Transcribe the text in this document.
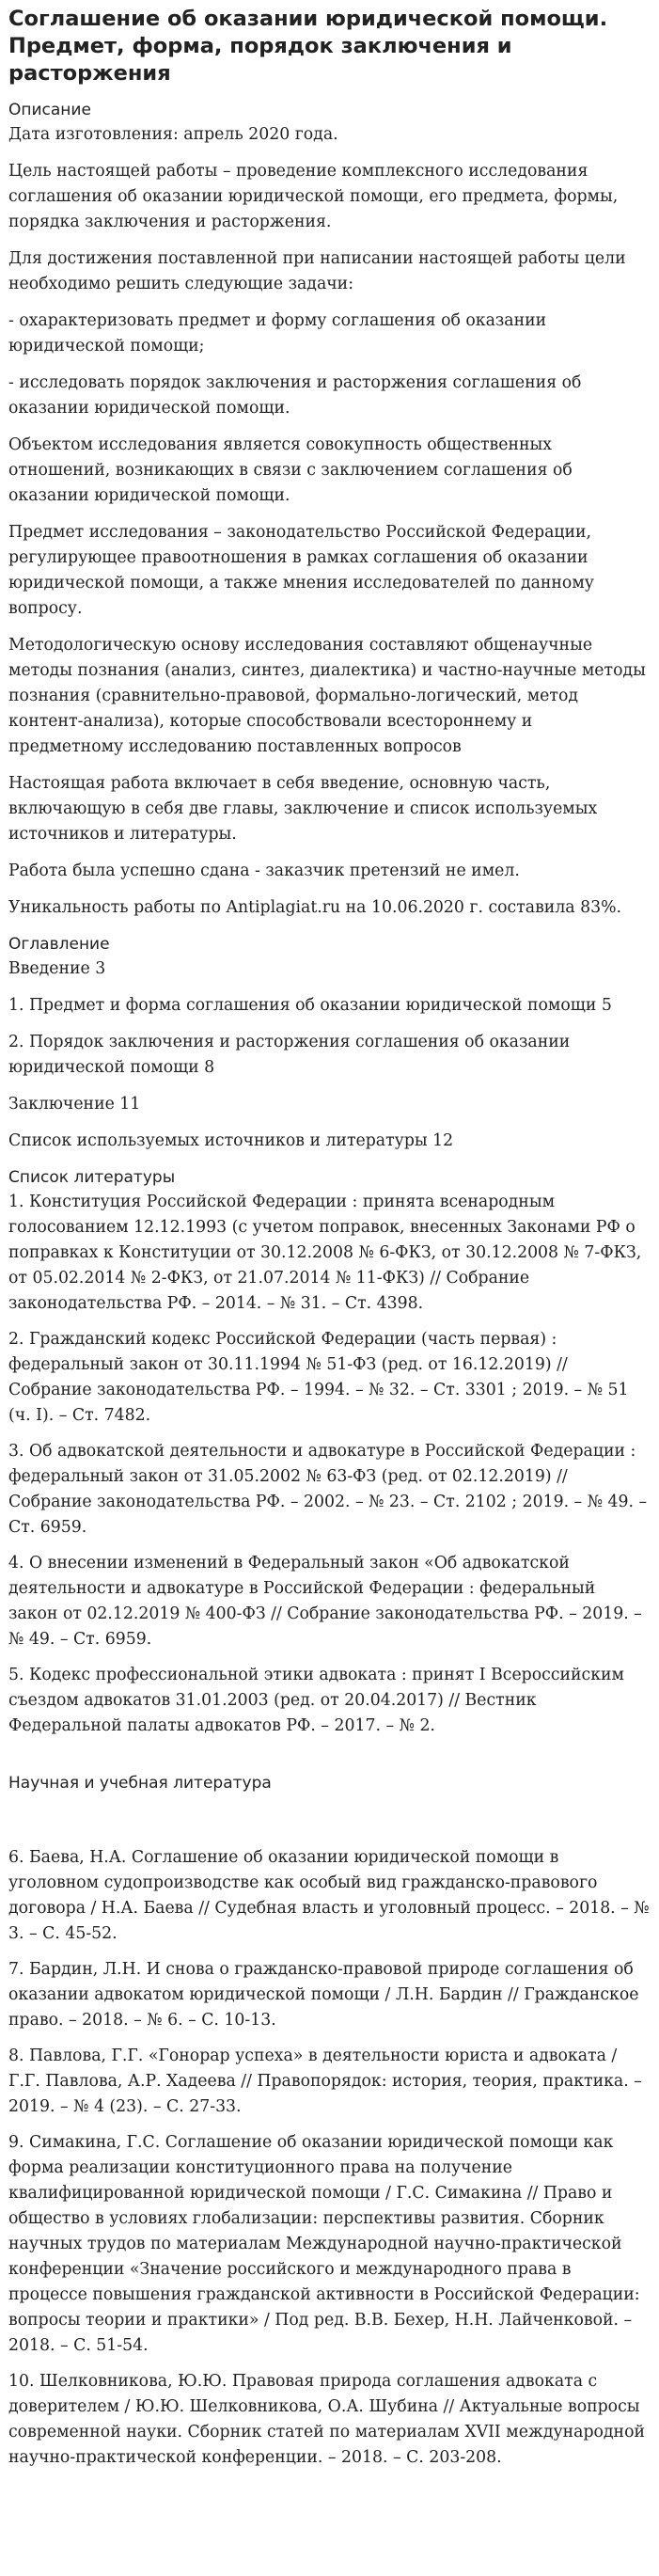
Соглашение об оказании юридической помощи. Предмет, форма, порядок заключения и расторжения
Описание

Дата изготовления: апрель 2020 года.

Цель настоящей работы – проведение комплексного исследования соглашения об оказании юридической помощи, его предмета, формы, порядка заключения и расторжения.

Для достижения поставленной при написании настоящей работы цели необходимо решить следующие задачи:

- охарактеризовать предмет и форму соглашения об оказании юридической помощи;

- исследовать порядок заключения и расторжения соглашения об оказании юридической помощи.

Объектом исследования является совокупность общественных отношений, возникающих в связи с заключением соглашения об оказании юридической помощи.

Предмет исследования – законодательство Российской Федерации, регулирующее правоотношения в рамках соглашения об оказании юридической помощи, а также мнения исследователей по данному вопросу.

Методологическую основу исследования составляют общенаучные методы познания (анализ, синтез, диалектика) и частно-научные методы познания (сравнительно-правовой, формально-логический, метод контент-анализа), которые способствовали всестороннему и предметному исследованию поставленных вопросов

Настоящая работа включает в себя введение, основную часть, включающую в себя две главы, заключение и список используемых источников и литературы.

Работа была успешно сдана - заказчик претензий не имел.

Уникальность работы по Antiplagiat.ru на 10.06.2020 г. составила 83%.

Оглавление

Введение 3

1. Предмет и форма соглашения об оказании юридической помощи 5

2. Порядок заключения и расторжения соглашения об оказании юридической помощи 8

Заключение 11

Список используемых источников и литературы 12

Список литературы

1. Конституция Российской Федерации : принята всенародным голосованием 12.12.1993 (с учетом поправок, внесенных Законами РФ о поправках к Конституции от 30.12.2008 № 6-ФКЗ, от 30.12.2008 № 7-ФКЗ, от 05.02.2014 № 2-ФКЗ, от 21.07.2014 № 11-ФКЗ) // Собрание законодательства РФ. – 2014. – № 31. – Ст. 4398.

2. Гражданский кодекс Российской Федерации (часть первая) : федеральный закон от 30.11.1994 № 51-ФЗ (ред. от 16.12.2019) // Собрание законодательства РФ. – 1994. – № 32. – Ст. 3301 ; 2019. – № 51 (ч. I). – Ст. 7482.

3. Об адвокатской деятельности и адвокатуре в Российской Федерации : федеральный закон от 31.05.2002 № 63-ФЗ (ред. от 02.12.2019) // Собрание законодательства РФ. – 2002. – № 23. – Ст. 2102 ; 2019. – № 49. – Ст. 6959.

4. О внесении изменений в Федеральный закон «Об адвокатской деятельности и адвокатуре в Российской Федерации : федеральный закон от 02.12.2019 № 400-ФЗ // Собрание законодательства РФ. – 2019. – № 49. – Ст. 6959.

5. Кодекс профессиональной этики адвоката : принят I Всероссийским съездом адвокатов 31.01.2003 (ред. от 20.04.2017) // Вестник Федеральной палаты адвокатов РФ. – 2017. – № 2.

Научная и учебная литература

6. Баева, Н.А. Соглашение об оказании юридической помощи в уголовном судопроизводстве как особый вид гражданско-правового договора / Н.А. Баева // Судебная власть и уголовный процесс. – 2018. – № 3. – С. 45-52.

7. Бардин, Л.Н. И снова о гражданско-правовой природе соглашения об оказании адвокатом юридической помощи / Л.Н. Бардин // Гражданское право. – 2018. – № 6. – С. 10-13.

8. Павлова, Г.Г. «Гонорар успеха» в деятельности юриста и адвоката / Г.Г. Павлова, А.Р. Хадеева // Правопорядок: история, теория, практика. – 2019. – № 4 (23). – С. 27-33.

9. Симакина, Г.С. Соглашение об оказании юридической помощи как форма реализации конституционного права на получение квалифицированной юридической помощи / Г.С. Симакина // Право и общество в условиях глобализации: перспективы развития. Сборник научных трудов по материалам Международной научно-практической конференции «Значение российского и международного права в процессе повышения гражданской активности в Российской Федерации: вопросы теории и практики» / Под ред. В.В. Бехер, Н.Н. Лайченковой. – 2018. – С. 51-54.

10. Шелковникова, Ю.Ю. Правовая природа соглашения адвоката с доверителем / Ю.Ю. Шелковникова, О.А. Шубина // Актуальные вопросы современной науки. Сборник статей по материалам XVII международной научно-практической конференции. – 2018. – С. 203-208.
